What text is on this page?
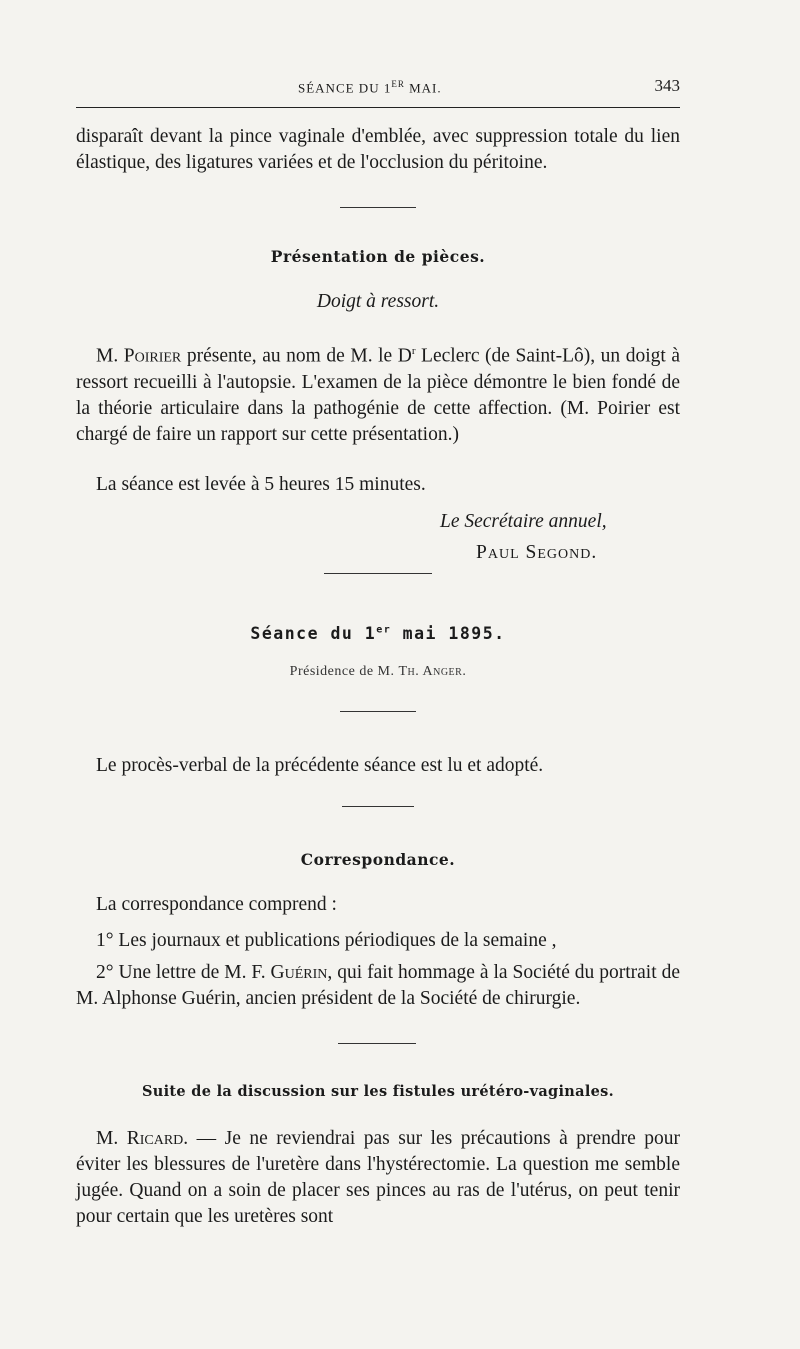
SÉANCE DU 1ER MAI.	343

disparaît devant la pince vaginale d'emblée, avec suppression totale du lien élastique, des ligatures variées et de l'occlusion du péritoine.

Présentation de pièces.

Doigt à ressort.

M. Poirier présente, au nom de M. le $D^r$ Leclerc (de Saint-Lô), un doigt à ressort recueilli à l'autopsie. L'examen de la pièce démontre le bien fondé de la théorie articulaire dans la pathogénie de cette affection. (M. Poirier est chargé de faire un rapport sur cette présentation.)

La séance est levée à 5 heures 15 minutes.

Le Secrétaire annuel,

Paul Segond.

Séance du 1er mai 1895.

Présidence de M. Th. Anger.

Le procès-verbal de la précédente séance est lu et adopté.

Correspondance.

La correspondance comprend :

1° Les journaux et publications périodiques de la semaine ,

2° Une lettre de M. F. Guérin, qui fait hommage à la Société du portrait de M. Alphonse Guérin, ancien président de la Société de chirurgie.

Suite de la discussion sur les fistules urétéro-vaginales.

M. Ricard. — Je ne reviendrai pas sur les précautions à prendre pour éviter les blessures de l'uretère dans l'hystérectomie. La question me semble jugée. Quand on a soin de placer ses pinces au ras de l'utérus, on peut tenir pour certain que les uretères sont
